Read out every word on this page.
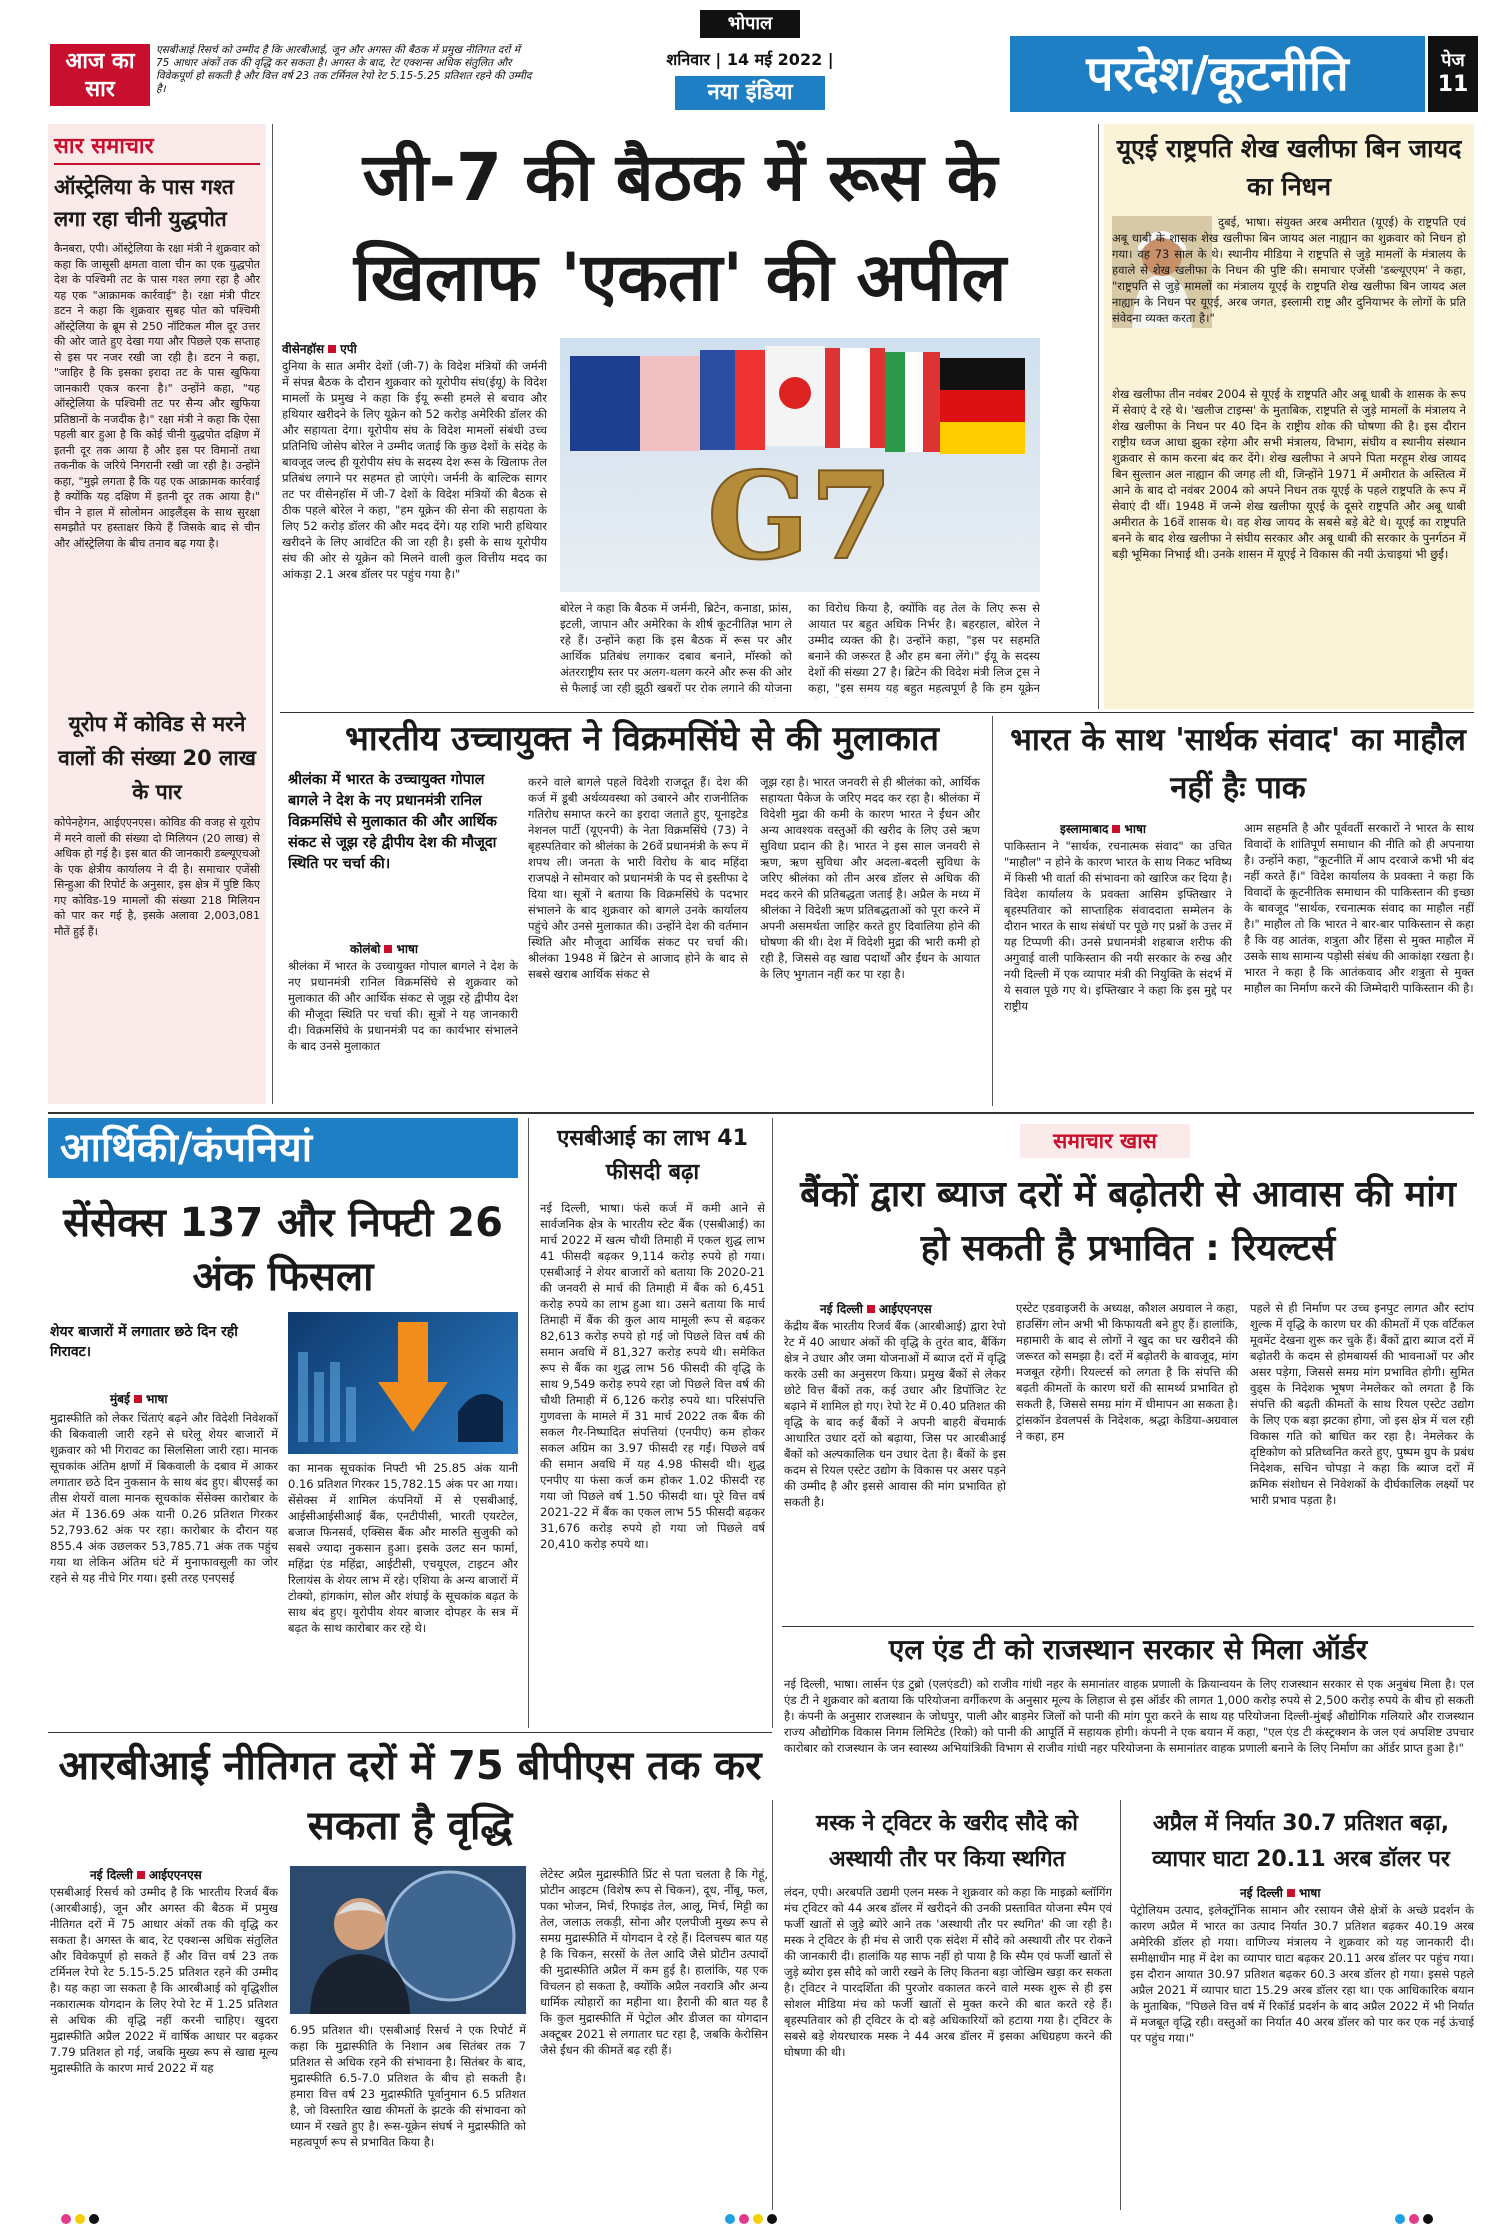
आज का सार
एसबीआई रिसर्च को उम्मीद है कि आरबीआई, जून और अगस्त की बैठक में प्रमुख नीतिगत दरों में 75 आधार अंकों तक की वृद्धि कर सकता है। अगस्त के बाद, रेट एक्शन्स अधिक संतुलित और विवेकपूर्ण हो सकती है और वित्त वर्ष 23 तक टर्मिनल रेपो रेट 5.15-5.25 प्रतिशत रहने की उम्मीद है।
भोपाल
शनिवार | 14 मई 2022 |
नया इंडिया	परदेश/कूटनीति	पेज
11
सार समाचार
ऑस्ट्रेलिया के पास गश्त लगा रहा चीनी युद्धपोत
कैनबरा, एपी। ऑस्ट्रेलिया के रक्षा मंत्री ने शुक्रवार को कहा कि जासूसी क्षमता वाला चीन का एक युद्धपोत देश के पश्चिमी तट के पास गश्त लगा रहा है और यह एक "आक्रामक कार्रवाई" है। रक्षा मंत्री पीटर डटन ने कहा कि शुक्रवार सुबह पोत को पश्चिमी ऑस्ट्रेलिया के ब्रूम से 250 नॉटिकल मील दूर उत्तर की ओर जाते हुए देखा गया और पिछले एक सप्ताह से इस पर नजर रखी जा रही है। डटन ने कहा, "जाहिर है कि इसका इरादा तट के पास खुफिया जानकारी एकत्र करना है।" उन्होंने कहा, "यह ऑस्ट्रेलिया के पश्चिमी तट पर सैन्य और खुफिया प्रतिष्ठानों के नजदीक है।" रक्षा मंत्री ने कहा कि ऐसा पहली बार हुआ है कि कोई चीनी युद्धपोत दक्षिण में इतनी दूर तक आया है और इस पर विमानों तथा तकनीक के जरिये निगरानी रखी जा रही है। उन्होंने कहा, "मुझे लगता है कि यह एक आक्रामक कार्रवाई है क्योंकि यह दक्षिण में इतनी दूर तक आया है।" चीन ने हाल में सोलोमन आइलैंड्स के साथ सुरक्षा समझौते पर हस्ताक्षर किये हैं जिसके बाद से चीन और ऑस्ट्रेलिया के बीच तनाव बढ़ गया है।
यूरोप में कोविड से मरने वालों की संख्या 20 लाख के पार
कोपेनहेगन, आईएएनएस। कोविड की वजह से यूरोप में मरने वालों की संख्या दो मिलियन (20 लाख) से अधिक हो गई है। इस बात की जानकारी डब्ल्यूएचओ के एक क्षेत्रीय कार्यालय ने दी है। समाचार एजेंसी सिन्हुआ की रिपोर्ट के अनुसार, इस क्षेत्र में पुष्टि किए गए कोविड-19 मामलों की संख्या 218 मिलियन को पार कर गई है, इसके अलावा 2,003,081 मौतें हुई हैं।
जी-7 की बैठक में रूस के खिलाफ 'एकता' की अपील
वीसेनहॉस एपी
दुनिया के सात अमीर देशों (जी-7) के विदेश मंत्रियों की जर्मनी में संपन्न बैठक के दौरान शुक्रवार को यूरोपीय संघ(ईयू) के विदेश मामलों के प्रमुख ने कहा कि ईयू रूसी हमले से बचाव और हथियार खरीदने के लिए यूक्रेन को 52 करोड़ अमेरिकी डॉलर की और सहायता देगा। यूरोपीय संघ के विदेश मामलों संबंधी उच्च प्रतिनिधि जोसेप बोरेल ने उम्मीद जताई कि कुछ देशों के संदेह के बावजूद जल्द ही यूरोपीय संघ के सदस्य देश रूस के खिलाफ तेल प्रतिबंध लगाने पर सहमत हो जाएंगे। जर्मनी के बाल्टिक सागर तट पर वीसेनहॉस में जी-7 देशों के विदेश मंत्रियों की बैठक से ठीक पहले बोरेल ने कहा, "हम यूक्रेन की सेना की सहायता के लिए 52 करोड़ डॉलर की और मदद देंगे। यह राशि भारी हथियार खरीदने के लिए आवंटित की जा रही है। इसी के साथ यूरोपीय संघ की ओर से यूक्रेन को मिलने वाली कुल वित्तीय मदद का आंकड़ा 2.1 अरब डॉलर पर पहुंच गया है।"	G7
बोरेल ने कहा कि बैठक में जर्मनी, ब्रिटेन, कनाडा, फ्रांस, इटली, जापान और अमेरिका के शीर्ष कूटनीतिज्ञ भाग ले रहे हैं। उन्होंने कहा कि इस बैठक में रूस पर और आर्थिक प्रतिबंध लगाकर दबाव बनाने, मॉस्को को अंतरराष्ट्रीय स्तर पर अलग-थलग करने और रूस की ओर से फैलाई जा रही झूठी खबरों पर रोक लगाने की योजना
का विरोध किया है, क्योंकि वह तेल के लिए रूस से आयात पर बहुत अधिक निर्भर है। बहरहाल, बोरेल ने उम्मीद व्यक्त की है। उन्होंने कहा, "इस पर सहमति बनाने की जरूरत है और हम बना लेंगे।" ईयू के सदस्य देशों की संख्या 27 है। ब्रिटेन की विदेश मंत्री लिज ट्रस ने कहा, "इस समय यह बहुत महत्वपूर्ण है कि हम यूक्रेन
यूएई राष्ट्रपति शेख खलीफा बिन जायद का निधन
दुबई, भाषा। संयुक्त अरब अमीरात (यूएई) के राष्ट्रपति एवं अबू धाबी के शासक शेख खलीफा बिन जायद अल नाह्यान का शुक्रवार को निधन हो गया। वह 73 साल के थे। स्थानीय मीडिया ने राष्ट्रपति से जुड़े मामलों के मंत्रालय के हवाले से शेख खलीफा के निधन की पुष्टि की। समाचार एजेंसी 'डब्ल्यूएएम' ने कहा, "राष्ट्रपति से जुड़े मामलों का मंत्रालय यूएई के राष्ट्रपति शेख खलीफा बिन जायद अल नाह्यान के निधन पर यूएई, अरब जगत, इस्लामी राष्ट्र और दुनियाभर के लोगों के प्रति संवेदना व्यक्त करता है।"
शेख खलीफा तीन नवंबर 2004 से यूएई के राष्ट्रपति और अबू धाबी के शासक के रूप में सेवाएं दे रहे थे। 'खलीज टाइम्स' के मुताबिक, राष्ट्रपति से जुड़े मामलों के मंत्रालय ने शेख खलीफा के निधन पर 40 दिन के राष्ट्रीय शोक की घोषणा की है। इस दौरान राष्ट्रीय ध्वज आधा झुका रहेगा और सभी मंत्रालय, विभाग, संघीय व स्थानीय संस्थान शुक्रवार से काम करना बंद कर देंगे। शेख खलीफा ने अपने पिता मरहूम शेख जायद बिन सुल्तान अल नाह्यान की जगह ली थी, जिन्होंने 1971 में अमीरात के अस्तित्व में आने के बाद दो नवंबर 2004 को अपने निधन तक यूएई के पहले राष्ट्रपति के रूप में सेवाएं दी थीं। 1948 में जन्मे शेख खलीफा यूएई के दूसरे राष्ट्रपति और अबू धाबी अमीरात के 16वें शासक थे। वह शेख जायद के सबसे बड़े बेटे थे। यूएई का राष्ट्रपति बनने के बाद शेख खलीफा ने संघीय सरकार और अबू धाबी की सरकार के पुनर्गठन में बड़ी भूमिका निभाई थी। उनके शासन में यूएई ने विकास की नयी ऊंचाइयां भी छुईं।
भारतीय उच्चायुक्त ने विक्रमसिंघे से की मुलाकात
श्रीलंका में भारत के उच्चायुक्त गोपाल बागले ने देश के नए प्रधानमंत्री रानिल विक्रमसिंघे से मुलाकात की और आर्थिक संकट से जूझ रहे द्वीपीय देश की मौजूदा स्थिति पर चर्चा की।
कोलंबो भाषा
श्रीलंका में भारत के उच्चायुक्त गोपाल बागले ने देश के नए प्रधानमंत्री रानिल विक्रमसिंघे से शुक्रवार को मुलाकात की और आर्थिक संकट से जूझ रहे द्वीपीय देश की मौजूदा स्थिति पर चर्चा की। सूत्रों ने यह जानकारी दी। विक्रमसिंघे के प्रधानमंत्री पद का कार्यभार संभालने के बाद उनसे मुलाकात
करने वाले बागले पहले विदेशी राजदूत हैं। देश की कर्ज में डूबी अर्थव्यवस्था को उबारने और राजनीतिक गतिरोध समाप्त करने का इरादा जताते हुए, यूनाइटेड नेशनल पार्टी (यूएनपी) के नेता विक्रमसिंघे (73) ने बृहस्पतिवार को श्रीलंका के 26वें प्रधानमंत्री के रूप में शपथ ली। जनता के भारी विरोध के बाद महिंदा राजपक्षे ने सोमवार को प्रधानमंत्री के पद से इस्तीफा दे दिया था। सूत्रों ने बताया कि विक्रमसिंघे के पदभार संभालने के बाद शुक्रवार को बागले उनके कार्यालय पहुंचे और उनसे मुलाकात की। उन्होंने देश की वर्तमान स्थिति और मौजूदा आर्थिक संकट पर चर्चा की। श्रीलंका 1948 में ब्रिटेन से आजाद होने के बाद से सबसे खराब आर्थिक संकट से
जूझ रहा है। भारत जनवरी से ही श्रीलंका को, आर्थिक सहायता पैकेज के जरिए मदद कर रहा है। श्रीलंका में विदेशी मुद्रा की कमी के कारण भारत ने ईंधन और अन्य आवश्यक वस्तुओं की खरीद के लिए उसे ऋण सुविधा प्रदान की है। भारत ने इस साल जनवरी से ऋण, ऋण सुविधा और अदला-बदली सुविधा के जरिए श्रीलंका को तीन अरब डॉलर से अधिक की मदद करने की प्रतिबद्धता जताई है। अप्रैल के मध्य में श्रीलंका ने विदेशी ऋण प्रतिबद्धताओं को पूरा करने में अपनी असमर्थता जाहिर करते हुए दिवालिया होने की घोषणा की थी। देश में विदेशी मुद्रा की भारी कमी हो रही है, जिससे वह खाद्य पदार्थों और ईंधन के आयात के लिए भुगतान नहीं कर पा रहा है।
भारत के साथ 'सार्थक संवाद' का माहौल नहीं हैः पाक
इस्लामाबाद भाषा
पाकिस्तान ने "सार्थक, रचनात्मक संवाद" का उचित "माहौल" न होने के कारण भारत के साथ निकट भविष्य में किसी भी वार्ता की संभावना को खारिज कर दिया है। विदेश कार्यालय के प्रवक्ता आसिम इफ्तिखार ने बृहस्पतिवार को साप्ताहिक संवाददाता सम्मेलन के दौरान भारत के साथ संबंधों पर पूछे गए प्रश्नों के उत्तर में यह टिप्पणी की। उनसे प्रधानमंत्री शहबाज शरीफ की अगुवाई वाली पाकिस्तान की नयी सरकार के रुख और नयी दिल्ली में एक व्यापार मंत्री की नियुक्ति के संदर्भ में ये सवाल पूछे गए थे। इफ्तिखार ने कहा कि इस मुद्दे पर राष्ट्रीय
आम सहमति है और पूर्ववर्ती सरकारों ने भारत के साथ विवादों के शांतिपूर्ण समाधान की नीति को ही अपनाया है। उन्होंने कहा, "कूटनीति में आप दरवाजे कभी भी बंद नहीं करते हैं।" विदेश कार्यालय के प्रवक्ता ने कहा कि विवादों के कूटनीतिक समाधान की पाकिस्तान की इच्छा के बावजूद "सार्थक, रचनात्मक संवाद का माहौल नहीं है।" माहौल तो कि भारत ने बार-बार पाकिस्तान से कहा है कि वह आतंक, शत्रुता और हिंसा से मुक्त माहौल में उसके साथ सामान्य पड़ोसी संबंध की आकांक्षा रखता है। भारत ने कहा है कि आतंकवाद और शत्रुता से मुक्त माहौल का निर्माण करने की जिम्मेदारी पाकिस्तान की है।
आर्थिकी/कंपनियां
सेंसेक्स 137 और निफ्टी 26 अंक फिसला
शेयर बाजारों में लगातार छठे दिन रही गिरावट।
मुंबई भाषा
मुद्रास्फीति को लेकर चिंताएं बढ़ने और विदेशी निवेशकों की बिकवाली जारी रहने से घरेलू शेयर बाजारों में शुक्रवार को भी गिरावट का सिलसिला जारी रहा। मानक सूचकांक अंतिम क्षणों में बिकवाली के दबाव में आकर लगातार छठे दिन नुकसान के साथ बंद हुए। बीएसई का तीस शेयरों वाला मानक सूचकांक सेंसेक्स कारोबार के अंत में 136.69 अंक यानी 0.26 प्रतिशत गिरकर 52,793.62 अंक पर रहा। कारोबार के दौरान यह 855.4 अंक उछलकर 53,785.71 अंक तक पहुंच गया था लेकिन अंतिम घंटे में मुनाफावसूली का जोर रहने से यह नीचे गिर गया। इसी तरह एनएसई
का मानक सूचकांक निफ्टी भी 25.85 अंक यानी 0.16 प्रतिशत गिरकर 15,782.15 अंक पर आ गया। सेंसेक्स में शामिल कंपनियों में से एसबीआई, आईसीआईसीआई बैंक, एनटीपीसी, भारती एयरटेल, बजाज फिनसर्व, एक्सिस बैंक और मारुति सुजुकी को सबसे ज्यादा नुकसान हुआ। इसके उलट सन फार्मा, महिंद्रा एंड महिंद्रा, आईटीसी, एचयूएल, टाइटन और रिलायंस के शेयर लाभ में रहे। एशिया के अन्य बाजारों में टोक्यो, हांगकांग, सोल और शंघाई के सूचकांक बढ़त के साथ बंद हुए। यूरोपीय शेयर बाजार दोपहर के सत्र में बढ़त के साथ कारोबार कर रहे थे।
एसबीआई का लाभ 41 फीसदी बढ़ा
नई दिल्ली, भाषा। फंसे कर्ज में कमी आने से सार्वजनिक क्षेत्र के भारतीय स्टेट बैंक (एसबीआई) का मार्च 2022 में खत्म चौथी तिमाही में एकल शुद्ध लाभ 41 फीसदी बढ़कर 9,114 करोड़ रुपये हो गया। एसबीआई ने शेयर बाजारों को बताया कि 2020-21 की जनवरी से मार्च की तिमाही में बैंक को 6,451 करोड़ रुपये का लाभ हुआ था। उसने बताया कि मार्च तिमाही में बैंक की कुल आय मामूली रूप से बढ़कर 82,613 करोड़ रुपये हो गई जो पिछले वित्त वर्ष की समान अवधि में 81,327 करोड़ रुपये थी। समेकित रूप से बैंक का शुद्ध लाभ 56 फीसदी की वृद्धि के साथ 9,549 करोड़ रुपये रहा जो पिछले वित्त वर्ष की चौथी तिमाही में 6,126 करोड़ रुपये था। परिसंपत्ति गुणवत्ता के मामले में 31 मार्च 2022 तक बैंक की सकल गैर-निष्पादित संपत्तियां (एनपीए) कम होकर सकल अग्रिम का 3.97 फीसदी रह गईं। पिछले वर्ष की समान अवधि में यह 4.98 फीसदी थी। शुद्ध एनपीए या फंसा कर्ज कम होकर 1.02 फीसदी रह गया जो पिछले वर्ष 1.50 फीसदी था। पूरे वित्त वर्ष 2021-22 में बैंक का एकल लाभ 55 फीसदी बढ़कर 31,676 करोड़ रुपये हो गया जो पिछले वर्ष 20,410 करोड़ रुपये था।
समाचार खास
बैंकों द्वारा ब्याज दरों में बढ़ोतरी से आवास की मांग हो सकती है प्रभावित : रियल्टर्स
नई दिल्ली आईएएनएस
केंद्रीय बैंक भारतीय रिजर्व बैंक (आरबीआई) द्वारा रेपो रेट में 40 आधार अंकों की वृद्धि के तुरंत बाद, बैंकिंग क्षेत्र ने उधार और जमा योजनाओं में ब्याज दरों में वृद्धि करके उसी का अनुसरण किया। प्रमुख बैंकों से लेकर छोटे वित्त बैंकों तक, कई उधार और डिपॉजिट रेट बढ़ाने में शामिल हो गए। रेपो रेट में 0.40 प्रतिशत की वृद्धि के बाद कई बैंकों ने अपनी बाहरी बेंचमार्क आधारित उधार दरों को बढ़ाया, जिस पर आरबीआई बैंकों को अल्पकालिक धन उधार देता है। बैंकों के इस कदम से रियल एस्टेट उद्योग के विकास पर असर पड़ने की उम्मीद है और इससे आवास की मांग प्रभावित हो सकती है।
एस्टेट एडवाइजरी के अध्यक्ष, कौशल अग्रवाल ने कहा, हाउसिंग लोन अभी भी किफायती बने हुए हैं। हालांकि, महामारी के बाद से लोगों ने खुद का घर खरीदने की जरूरत को समझा है। दरों में बढ़ोतरी के बावजूद, मांग मजबूत रहेगी। रियल्टर्स को लगता है कि संपत्ति की बढ़ती कीमतों के कारण घरों की सामर्थ्य प्रभावित हो सकती है, जिससे समग्र मांग में धीमापन आ सकता है। ट्रांसकॉन डेवलपर्स के निदेशक, श्रद्धा केडिया-अग्रवाल ने कहा, हम
पहले से ही निर्माण पर उच्च इनपुट लागत और स्टांप शुल्क में वृद्धि के कारण घर की कीमतों में एक वर्टिकल मूवमेंट देखना शुरू कर चुके हैं। बैंकों द्वारा ब्याज दरों में बढ़ोतरी के कदम से होमबायर्स की भावनाओं पर और असर पड़ेगा, जिससे समग्र मांग प्रभावित होगी। सुमित वुड्स के निदेशक भूषण नेमलेकर को लगता है कि संपत्ति की बढ़ती कीमतों के साथ रियल एस्टेट उद्योग के लिए एक बड़ा झटका होगा, जो इस क्षेत्र में चल रही विकास गति को बाधित कर रहा है। नेमलेकर के दृष्टिकोण को प्रतिध्वनित करते हुए, पुष्पम ग्रुप के प्रबंध निदेशक, सचिन चोपड़ा ने कहा कि ब्याज दरों में क्रमिक संशोधन से निवेशकों के दीर्घकालिक लक्ष्यों पर भारी प्रभाव पड़ता है।
एल एंड टी को राजस्थान सरकार से मिला ऑर्डर
नई दिल्ली, भाषा। लार्सन एंड टुब्रो (एलएंडटी) को राजीव गांधी नहर के समानांतर वाहक प्रणाली के क्रियान्वयन के लिए राजस्थान सरकार से एक अनुबंध मिला है। एल एंड टी ने शुक्रवार को बताया कि परियोजना वर्गीकरण के अनुसार मूल्य के लिहाज से इस ऑर्डर की लागत 1,000 करोड़ रुपये से 2,500 करोड़ रुपये के बीच हो सकती है। कंपनी के अनुसार राजस्थान के जोधपुर, पाली और बाड़मेर जिलों को पानी की मांग पूरा करने के साथ यह परियोजना दिल्ली-मुंबई औद्योगिक गलियारे और राजस्थान राज्य औद्योगिक विकास निगम लिमिटेड (रिको) को पानी की आपूर्ति में सहायक होगी। कंपनी ने एक बयान में कहा, "एल एंड टी कंस्ट्रक्शन के जल एवं अपशिष्ट उपचार कारोबार को राजस्थान के जन स्वास्थ्य अभियांत्रिकी विभाग से राजीव गांधी नहर परियोजना के समानांतर वाहक प्रणाली बनाने के लिए निर्माण का ऑर्डर प्राप्त हुआ है।"
आरबीआई नीतिगत दरों में 75 बीपीएस तक कर सकता है वृद्धि
नई दिल्ली आईएएनएस
एसबीआई रिसर्च को उम्मीद है कि भारतीय रिजर्व बैंक (आरबीआई), जून और अगस्त की बैठक में प्रमुख नीतिगत दरों में 75 आधार अंकों तक की वृद्धि कर सकता है। अगस्त के बाद, रेट एक्शन्स अधिक संतुलित और विवेकपूर्ण हो सकते हैं और वित्त वर्ष 23 तक टर्मिनल रेपो रेट 5.15-5.25 प्रतिशत रहने की उम्मीद है। यह कहा जा सकता है कि आरबीआई को वृद्धिशील नकारात्मक योगदान के लिए रेपो रेट में 1.25 प्रतिशत से अधिक की वृद्धि नहीं करनी चाहिए। खुदरा मुद्रास्फीति अप्रैल 2022 में वार्षिक आधार पर बढ़कर 7.79 प्रतिशत हो गई, जबकि मुख्य रूप से खाद्य मूल्य मुद्रास्फीति के कारण मार्च 2022 में यह
6.95 प्रतिशत थी। एसबीआई रिसर्च ने एक रिपोर्ट में कहा कि मुद्रास्फीति के निशान अब सितंबर तक 7 प्रतिशत से अधिक रहने की संभावना है। सितंबर के बाद, मुद्रास्फीति 6.5-7.0 प्रतिशत के बीच हो सकती है। हमारा वित्त वर्ष 23 मुद्रास्फीति पूर्वानुमान 6.5 प्रतिशत है, जो विस्तारित खाद्य कीमतों के झटके की संभावना को ध्यान में रखते हुए है। रूस-यूक्रेन संघर्ष ने मुद्रास्फीति को महत्वपूर्ण रूप से प्रभावित किया है।
लेटेस्ट अप्रैल मुद्रास्फीति प्रिंट से पता चलता है कि गेहूं, प्रोटीन आइटम (विशेष रूप से चिकन), दूध, नींबू, फल, पका भोजन, मिर्च, रिफाइंड तेल, आलू, मिर्च, मिट्टी का तेल, जलाऊ लकड़ी, सोना और एलपीजी मुख्य रूप से समग्र मुद्रास्फीति में योगदान दे रहे हैं। दिलचस्प बात यह है कि चिकन, सरसों के तेल आदि जैसे प्रोटीन उत्पादों की मुद्रास्फीति अप्रैल में कम हुई है। हालांकि, यह एक विचलन हो सकता है, क्योंकि अप्रैल नवरात्रि और अन्य धार्मिक त्योहारों का महीना था। हैरानी की बात यह है कि कुल मुद्रास्फीति में पेट्रोल और डीजल का योगदान अक्टूबर 2021 से लगातार घट रहा है, जबकि केरोसिन जैसे ईंधन की कीमतें बढ़ रही हैं।
मस्क ने ट्विटर के खरीद सौदे को अस्थायी तौर पर किया स्थगित
लंदन, एपी। अरबपति उद्यमी एलन मस्क ने शुक्रवार को कहा कि माइक्रो ब्लॉगिंग मंच ट्विटर को 44 अरब डॉलर में खरीदने की उनकी प्रस्तावित योजना स्पैम एवं फर्जी खातों से जुड़े ब्योरे आने तक 'अस्थायी तौर पर स्थगित' की जा रही है। मस्क ने ट्विटर के ही मंच से जारी एक संदेश में सौदे को अस्थायी तौर पर रोकने की जानकारी दी। हालांकि यह साफ नहीं हो पाया है कि स्पैम एवं फर्जी खातों से जुड़े ब्योरा इस सौदे को जारी रखने के लिए कितना बड़ा जोखिम खड़ा कर सकता है। ट्विटर ने पारदर्शिता की पुरजोर वकालत करने वाले मस्क शुरू से ही इस सोशल मीडिया मंच को फर्जी खातों से मुक्त करने की बात करते रहे हैं। बृहस्पतिवार को ही ट्विटर के दो बड़े अधिकारियों को हटाया गया है। ट्विटर के सबसे बड़े शेयरधारक मस्क ने 44 अरब डॉलर में इसका अधिग्रहण करने की घोषणा की थी।
अप्रैल में निर्यात 30.7 प्रतिशत बढ़ा, व्यापार घाटा 20.11 अरब डॉलर पर
नई दिल्ली भाषा
पेट्रोलियम उत्पाद, इलेक्ट्रॉनिक सामान और रसायन जैसे क्षेत्रों के अच्छे प्रदर्शन के कारण अप्रैल में भारत का उत्पाद निर्यात 30.7 प्रतिशत बढ़कर 40.19 अरब अमेरिकी डॉलर हो गया। वाणिज्य मंत्रालय ने शुक्रवार को यह जानकारी दी। समीक्षाधीन माह में देश का व्यापार घाटा बढ़कर 20.11 अरब डॉलर पर पहुंच गया। इस दौरान आयात 30.97 प्रतिशत बढ़कर 60.3 अरब डॉलर हो गया। इससे पहले अप्रैल 2021 में व्यापार घाटा 15.29 अरब डॉलर रहा था। एक आधिकारिक बयान के मुताबिक, "पिछले वित्त वर्ष में रिकॉर्ड प्रदर्शन के बाद अप्रैल 2022 में भी निर्यात में मजबूत वृद्धि रही। वस्तुओं का निर्यात 40 अरब डॉलर को पार कर एक नई ऊंचाई पर पहुंच गया।"
